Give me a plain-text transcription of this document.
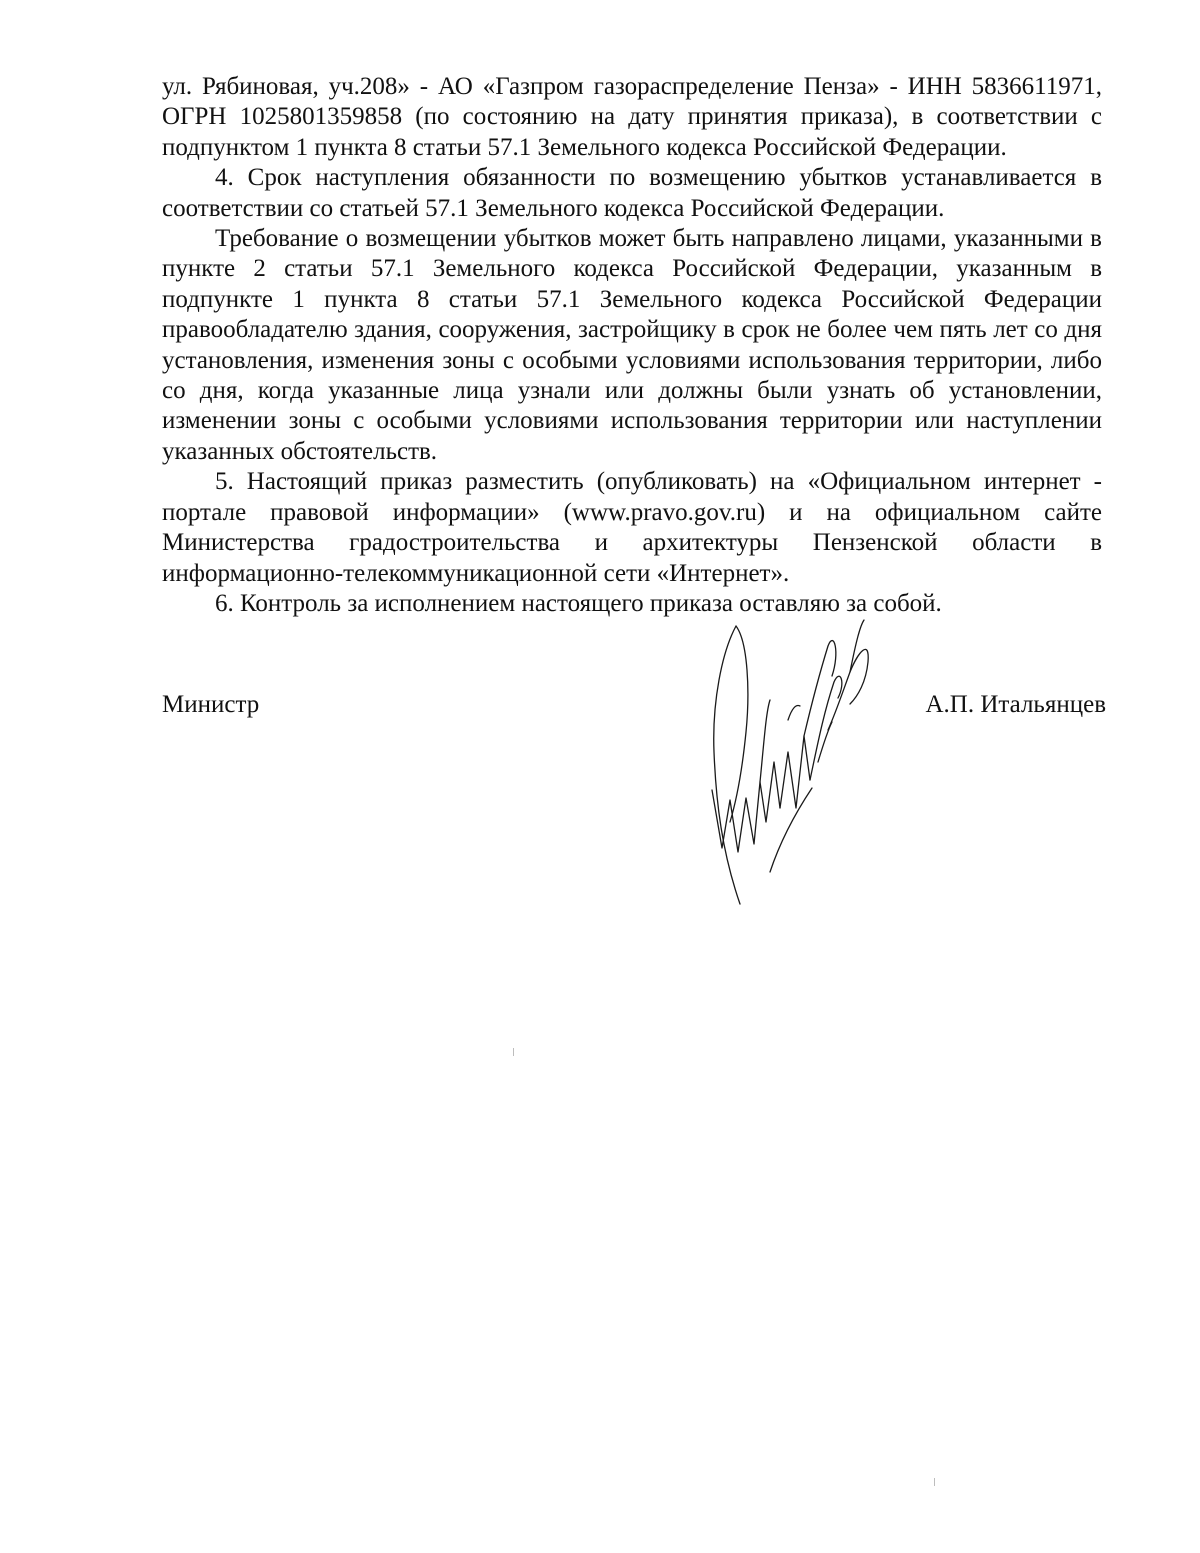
ул. Рябиновая, уч.208» - АО «Газпром газораспределение Пенза» - ИНН 5836611971, ОГРН 1025801359858 (по состоянию на дату принятия приказа), в соответствии с подпунктом 1 пункта 8 статьи 57.1 Земельного кодекса Российской Федерации.

4. Срок наступления обязанности по возмещению убытков устанавливается в соответствии со статьей 57.1 Земельного кодекса Российской Федерации.

Требование о возмещении убытков может быть направлено лицами, указанными в пункте 2 статьи 57.1 Земельного кодекса Российской Федерации, указанным в подпункте 1 пункта 8 статьи 57.1 Земельного кодекса Российской Федерации правообладателю здания, сооружения, застройщику в срок не более чем пять лет со дня установления, изменения зоны с особыми условиями использования территории, либо со дня, когда указанные лица узнали или должны были узнать об установлении, изменении зоны с особыми условиями использования территории или наступлении указанных обстоятельств.

5. Настоящий приказ разместить (опубликовать) на «Официальном интернет - портале правовой информации» (www.pravo.gov.ru) и на официальном сайте Министерства градостроительства и архитектуры Пензенской области в информационно-телекоммуникационной сети «Интернет».

6. Контроль за исполнением настоящего приказа оставляю за собой.

Министр	А.П. Итальянцев
